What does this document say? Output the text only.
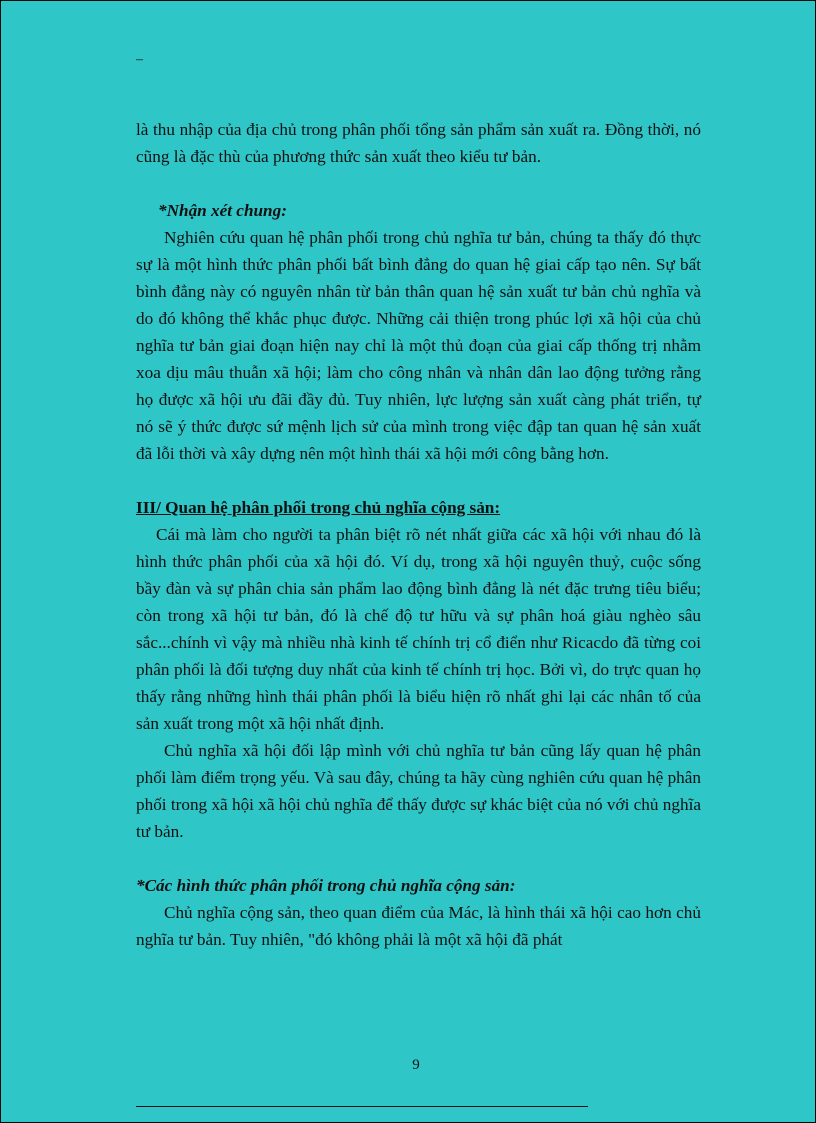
–

là thu nhập của địa chủ trong phân phối tổng sản phẩm sản xuất ra. Đồng thời, nó cũng là đặc thù của phương thức sản xuất theo kiểu tư bản.

*Nhận xét chung:

Nghiên cứu quan hệ phân phối trong chủ nghĩa tư bản, chúng ta thấy đó thực sự là một hình thức phân phối bất bình đẳng do quan hệ giai cấp tạo nên. Sự bất bình đẳng này có nguyên nhân từ bản thân quan hệ sản xuất tư bản chủ nghĩa và do đó không thể khắc phục được. Những cải thiện trong phúc lợi xã hội của chủ nghĩa tư bản giai đoạn hiện nay chỉ là một thủ đoạn của giai cấp thống trị nhằm xoa dịu mâu thuẫn xã hội; làm cho công nhân và nhân dân lao động tưởng rằng họ được xã hội ưu đãi đầy đủ. Tuy nhiên, lực lượng sản xuất càng phát triển, tự nó sẽ ý thức được sứ mệnh lịch sử của mình trong việc đập tan quan hệ sản xuất đã lỗi thời và xây dựng nên một hình thái xã hội mới công bằng hơn.

III/ Quan hệ phân phối trong chủ nghĩa cộng sản:

Cái mà làm cho người ta phân biệt rõ nét nhất giữa các xã hội với nhau đó là hình thức phân phối của xã hội đó. Ví dụ, trong xã hội nguyên thuỷ, cuộc sống bầy đàn và sự phân chia sản phẩm lao động bình đẳng là nét đặc trưng tiêu biểu; còn trong xã hội tư bản, đó là chế độ tư hữu và sự phân hoá giàu nghèo sâu sắc...chính vì vậy mà nhiều nhà kinh tế chính trị cổ điển như Ricacdo đã từng coi phân phối là đối tượng duy nhất của kinh tế chính trị học. Bởi vì, do trực quan họ thấy rằng những hình thái phân phối là biểu hiện rõ nhất ghi lại các nhân tố của sản xuất trong một xã hội nhất định.

Chủ nghĩa xã hội đối lập mình với chủ nghĩa tư bản cũng lấy quan hệ phân phối làm điểm trọng yếu. Và sau đây, chúng ta hãy cùng nghiên cứu quan hệ phân phối trong xã hội xã hội chủ nghĩa để thấy được sự khác biệt của nó với chủ nghĩa tư bản.

*Các hình thức phân phối trong chủ nghĩa cộng sản:

Chủ nghĩa cộng sản, theo quan điểm của Mác, là hình thái xã hội cao hơn chủ nghĩa tư bản. Tuy nhiên, "đó không phải là một xã hội đã phát

9
